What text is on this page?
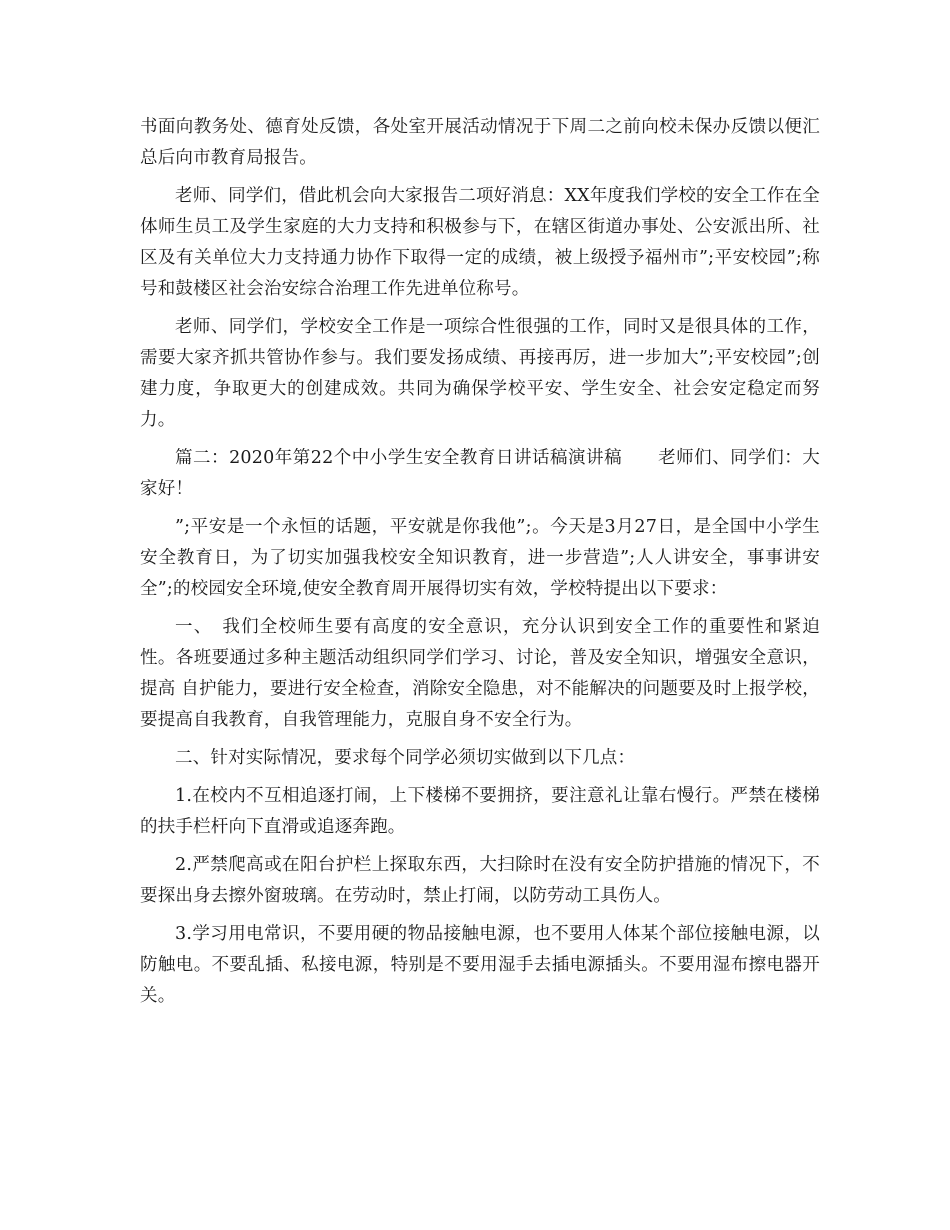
书面向教务处、德育处反馈，各处室开展活动情况于下周二之前向校未保办反馈以便汇总后向市教育局报告。

老师、同学们，借此机会向大家报告二项好消息：XX年度我们学校的安全工作在全体师生员工及学生家庭的大力支持和积极参与下，在辖区街道办事处、公安派出所、社区及有关单位大力支持通力协作下取得一定的成绩，被上级授予福州市”;平安校园”;称号和鼓楼区社会治安综合治理工作先进单位称号。

老师、同学们，学校安全工作是一项综合性很强的工作，同时又是很具体的工作，需要大家齐抓共管协作参与。我们要发扬成绩、再接再厉，进一步加大”;平安校园”;创建力度，争取更大的创建成效。共同为确保学校平安、学生安全、社会安定稳定而努力。

篇二：2020年第22个中小学生安全教育日讲话稿演讲稿　　老师们、同学们：大家好！

”;平安是一个永恒的话题，平安就是你我他”;。今天是3月27日，是全国中小学生安全教育日，为了切实加强我校安全知识教育，进一步营造”;人人讲安全，事事讲安全”;的校园安全环境,使安全教育周开展得切实有效，学校特提出以下要求：

一、　我们全校师生要有高度的安全意识，充分认识到安全工作的重要性和紧迫性。各班要通过多种主题活动组织同学们学习、讨论，普及安全知识，增强安全意识，提高 自护能力，要进行安全检查，消除安全隐患，对不能解决的问题要及时上报学校，要提高自我教育，自我管理能力，克服自身不安全行为。

二、针对实际情况，要求每个同学必须切实做到以下几点：

1.在校内不互相追逐打闹，上下楼梯不要拥挤，要注意礼让靠右慢行。严禁在楼梯的扶手栏杆向下直滑或追逐奔跑。

2.严禁爬高或在阳台护栏上探取东西，大扫除时在没有安全防护措施的情况下，不要探出身去擦外窗玻璃。在劳动时，禁止打闹，以防劳动工具伤人。

3.学习用电常识，不要用硬的物品接触电源，也不要用人体某个部位接触电源，以防触电。不要乱插、私接电源，特别是不要用湿手去插电源插头。不要用湿布擦电器开关。
